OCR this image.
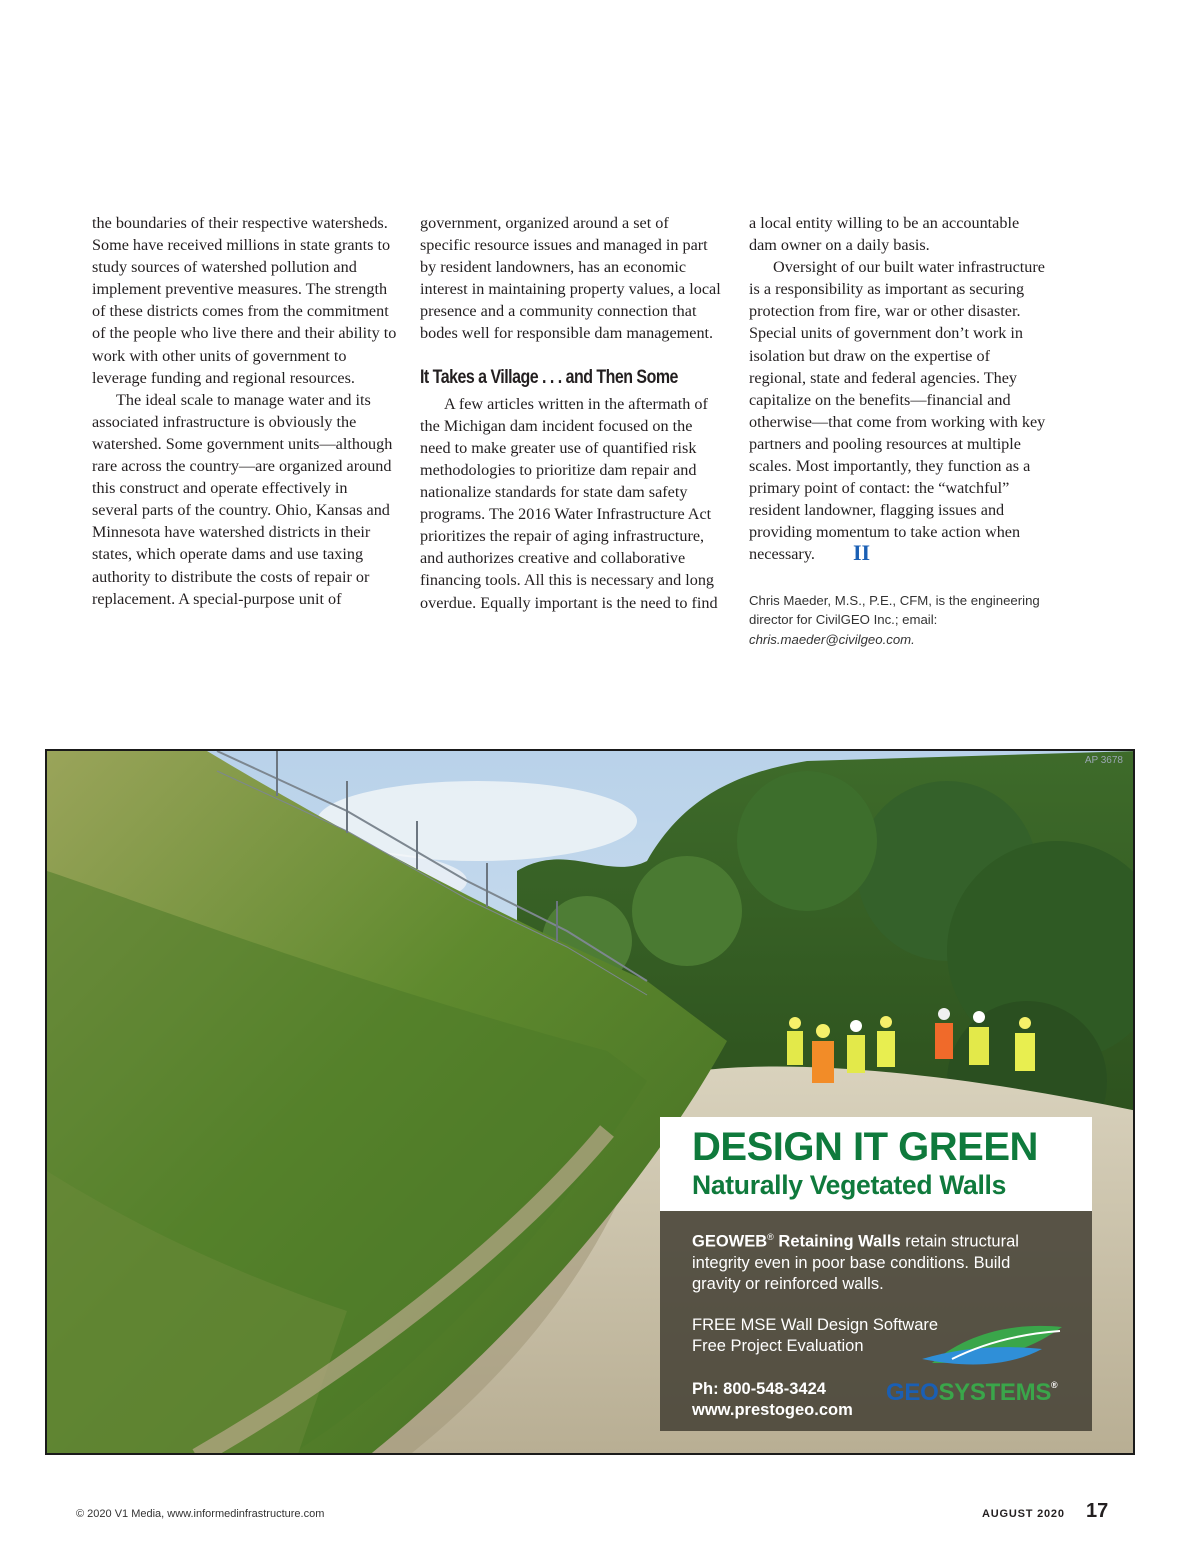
the boundaries of their respective watersheds. Some have received millions in state grants to study sources of watershed pollution and implement preventive measures. The strength of these districts comes from the commitment of the people who live there and their ability to work with other units of government to leverage funding and regional resources.

The ideal scale to manage water and its associated infrastructure is obviously the watershed. Some government units—although rare across the country—are organized around this construct and operate effectively in several parts of the country. Ohio, Kansas and Minnesota have watershed districts in their states, which operate dams and use taxing authority to distribute the costs of repair or replacement. A special-purpose unit of

government, organized around a set of specific resource issues and managed in part by resident landowners, has an economic interest in maintaining property values, a local presence and a community connection that bodes well for responsible dam management.

It Takes a Village . . . and Then Some

A few articles written in the aftermath of the Michigan dam incident focused on the need to make greater use of quantified risk methodologies to prioritize dam repair and nationalize standards for state dam safety programs. The 2016 Water Infrastructure Act prioritizes the repair of aging infrastructure, and authorizes creative and collaborative financing tools. All this is necessary and long overdue. Equally important is the need to find

a local entity willing to be an accountable dam owner on a daily basis.

Oversight of our built water infrastructure is a responsibility as important as securing protection from fire, war or other disaster. Special units of government don’t work in isolation but draw on the expertise of regional, state and federal agencies. They capitalize on the benefits—financial and otherwise—that come from working with key partners and pooling resources at multiple scales. Most importantly, they function as a primary point of contact: the “watchful” resident landowner, flagging issues and providing momentum to take action when necessary. II

Chris Maeder, M.S., P.E., CFM, is the engineering director for CivilGEO Inc.; email: chris.maeder@civilgeo.com.
AP 3678
DESIGN IT GREEN
Naturally Vegetated Walls
GEOWEB® Retaining Walls retain structural integrity even in poor base conditions. Build gravity or reinforced walls.
FREE MSE Wall Design Software
Free Project Evaluation
Ph: 800-548-3424
www.prestogeo.com
GEOSYSTEMS®
© 2020 V1 Media, www.informedinfrastructure.com	AUGUST 2020 17
